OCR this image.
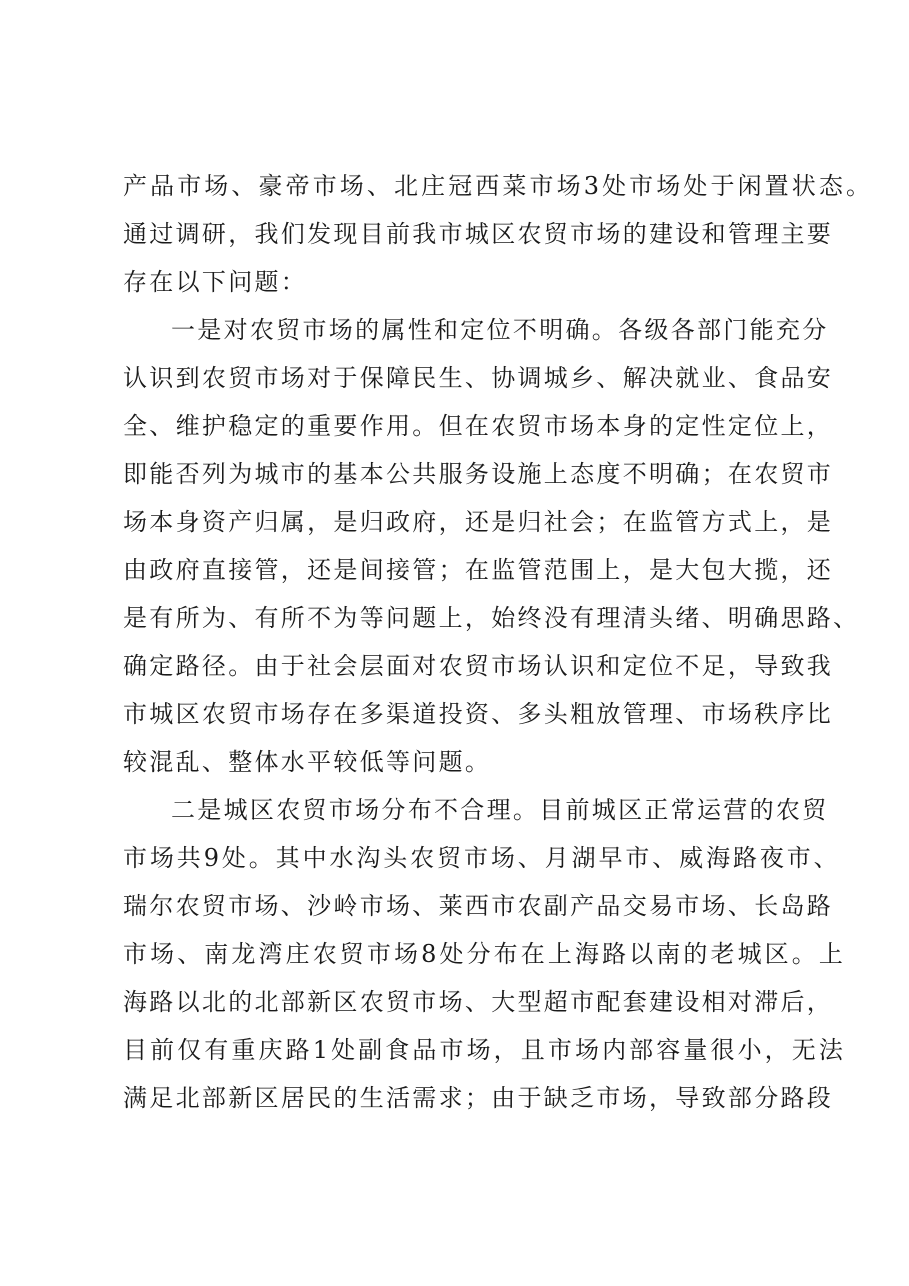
产品市场、豪帝市场、北庄冠西菜市场3处市场处于闲置状态。

通过调研，我们发现目前我市城区农贸市场的建设和管理主要

存在以下问题：

一是对农贸市场的属性和定位不明确。各级各部门能充分

认识到农贸市场对于保障民生、协调城乡、解决就业、食品安

全、维护稳定的重要作用。但在农贸市场本身的定性定位上，

即能否列为城市的基本公共服务设施上态度不明确；在农贸市

场本身资产归属，是归政府，还是归社会；在监管方式上，是

由政府直接管，还是间接管；在监管范围上，是大包大揽，还

是有所为、有所不为等问题上，始终没有理清头绪、明确思路、

确定路径。由于社会层面对农贸市场认识和定位不足，导致我

市城区农贸市场存在多渠道投资、多头粗放管理、市场秩序比

较混乱、整体水平较低等问题。

二是城区农贸市场分布不合理。目前城区正常运营的农贸

市场共9处。其中水沟头农贸市场、月湖早市、威海路夜市、

瑞尔农贸市场、沙岭市场、莱西市农副产品交易市场、长岛路

市场、南龙湾庄农贸市场8处分布在上海路以南的老城区。上

海路以北的北部新区农贸市场、大型超市配套建设相对滞后，

目前仅有重庆路1处副食品市场，且市场内部容量很小，无法

满足北部新区居民的生活需求；由于缺乏市场，导致部分路段
